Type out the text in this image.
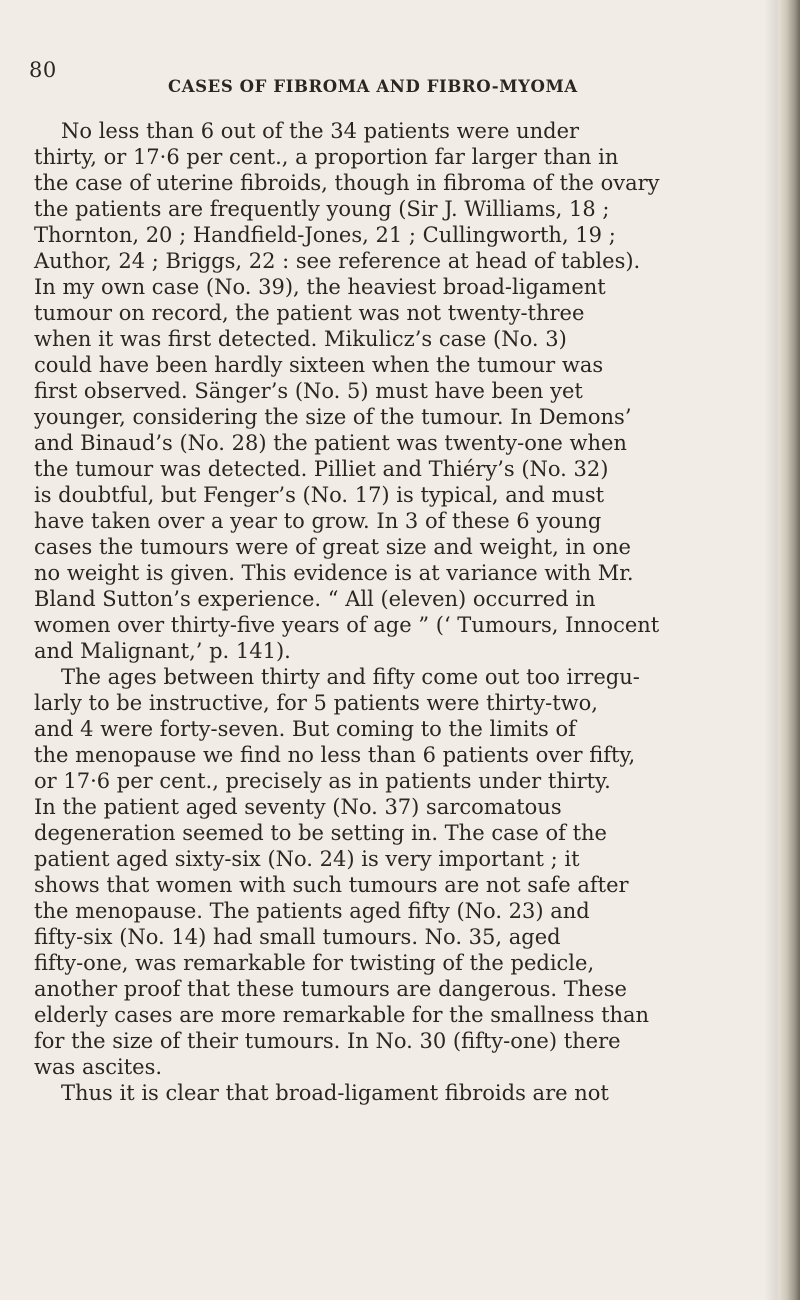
80
CASES OF FIBROMA AND FIBRO-MYOMA
No less than 6 out of the 34 patients were under
thirty, or 17·6 per cent., a proportion far larger than in
the case of uterine fibroids, though in fibroma of the ovary
the patients are frequently young (Sir J. Williams, 18 ;
Thornton, 20 ; Handfield-Jones, 21 ; Cullingworth, 19 ;
Author, 24 ; Briggs, 22 : see reference at head of tables).
In my own case (No. 39), the heaviest broad-ligament
tumour on record, the patient was not twenty-three
when it was first detected. Mikulicz’s case (No. 3)
could have been hardly sixteen when the tumour was
first observed. Sänger’s (No. 5) must have been yet
younger, considering the size of the tumour. In Demons’
and Binaud’s (No. 28) the patient was twenty-one when
the tumour was detected. Pilliet and Thiéry’s (No. 32)
is doubtful, but Fenger’s (No. 17) is typical, and must
have taken over a year to grow. In 3 of these 6 young
cases the tumours were of great size and weight, in one
no weight is given. This evidence is at variance with Mr.
Bland Sutton’s experience. “ All (eleven) occurred in
women over thirty-five years of age ” (‘ Tumours, Innocent
and Malignant,’ p. 141).
The ages between thirty and fifty come out too irregu-
larly to be instructive, for 5 patients were thirty-two,
and 4 were forty-seven. But coming to the limits of
the menopause we find no less than 6 patients over fifty,
or 17·6 per cent., precisely as in patients under thirty.
In the patient aged seventy (No. 37) sarcomatous
degeneration seemed to be setting in. The case of the
patient aged sixty-six (No. 24) is very important ; it
shows that women with such tumours are not safe after
the menopause. The patients aged fifty (No. 23) and
fifty-six (No. 14) had small tumours. No. 35, aged
fifty-one, was remarkable for twisting of the pedicle,
another proof that these tumours are dangerous. These
elderly cases are more remarkable for the smallness than
for the size of their tumours. In No. 30 (fifty-one) there
was ascites.
Thus it is clear that broad-ligament fibroids are not
